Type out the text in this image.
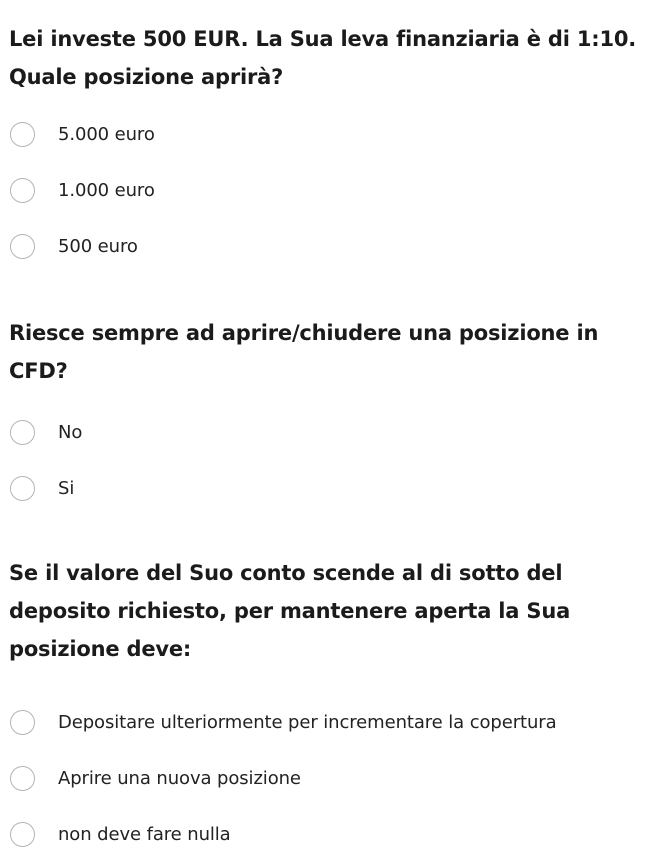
Lei investe 500 EUR. La Sua leva finanziaria è di 1:10. Quale posizione aprirà?
5.000 euro
1.000 euro
500 euro
Riesce sempre ad aprire/chiudere una posizione in CFD?
No
Si
Se il valore del Suo conto scende al di sotto del deposito richiesto, per mantenere aperta la Sua posizione deve:
Depositare ulteriormente per incrementare la copertura
Aprire una nuova posizione
non deve fare nulla
